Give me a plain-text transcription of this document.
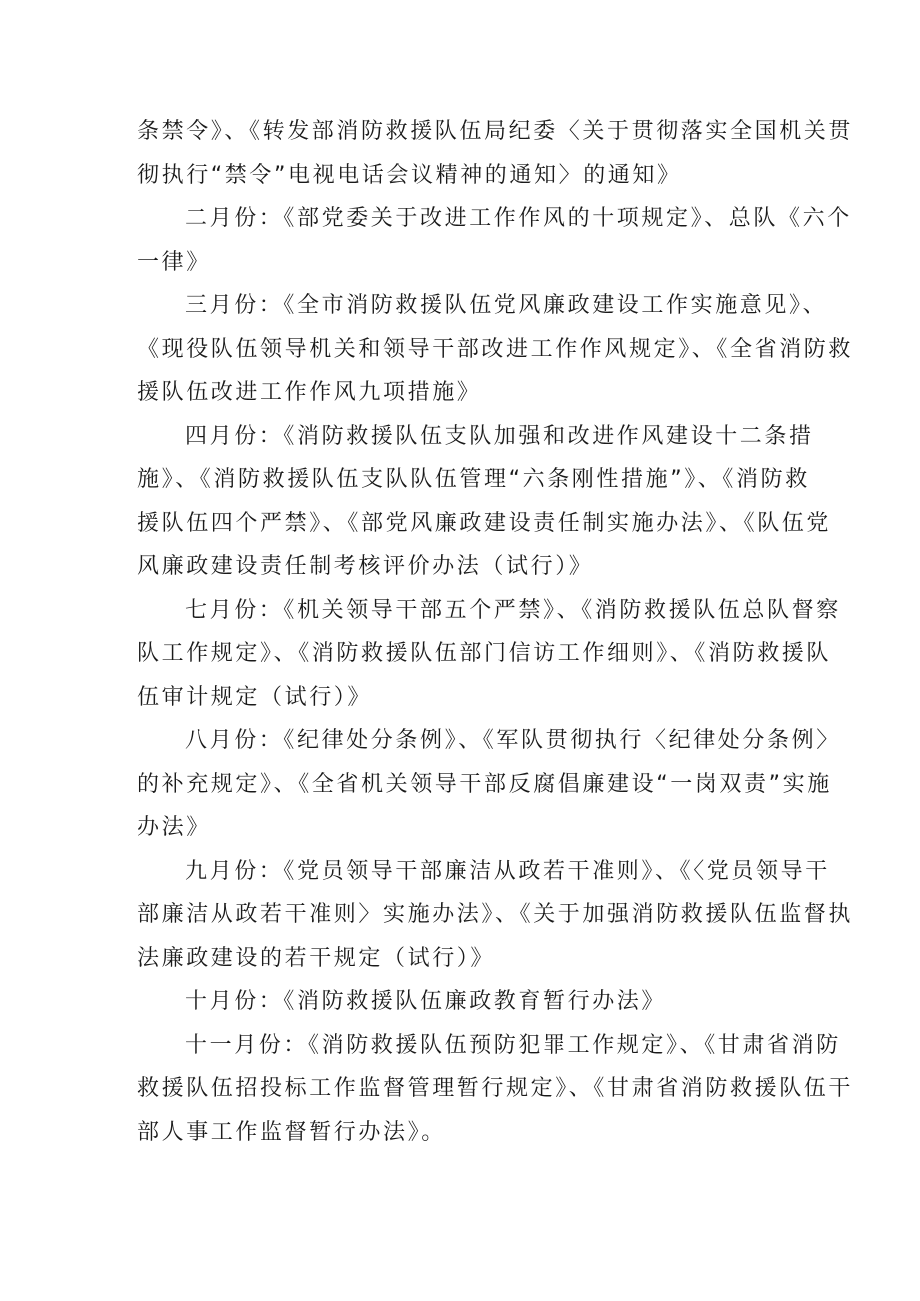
条禁令》、《转发部消防救援队伍局纪委〈关于贯彻落实全国机关贯
彻执行“禁令”电视电话会议精神的通知〉的通知》

二月份：《部党委关于改进工作作风的十项规定》、总队《六个
一律》

三月份：《全市消防救援队伍党风廉政建设工作实施意见》、
《现役队伍领导机关和领导干部改进工作作风规定》、《全省消防救
援队伍改进工作作风九项措施》

四月份：《消防救援队伍支队加强和改进作风建设十二条措
施》、《消防救援队伍支队队伍管理“六条刚性措施”》、《消防救
援队伍四个严禁》、《部党风廉政建设责任制实施办法》、《队伍党
风廉政建设责任制考核评价办法（试行）》

七月份：《机关领导干部五个严禁》、《消防救援队伍总队督察
队工作规定》、《消防救援队伍部门信访工作细则》、《消防救援队
伍审计规定（试行）》

八月份：《纪律处分条例》、《军队贯彻执行〈纪律处分条例〉
的补充规定》、《全省机关领导干部反腐倡廉建设“一岗双责”实施
办法》

九月份：《党员领导干部廉洁从政若干准则》、《〈党员领导干
部廉洁从政若干准则〉实施办法》、《关于加强消防救援队伍监督执
法廉政建设的若干规定（试行）》

十月份：《消防救援队伍廉政教育暂行办法》

十一月份：《消防救援队伍预防犯罪工作规定》、《甘肃省消防
救援队伍招投标工作监督管理暂行规定》、《甘肃省消防救援队伍干
部人事工作监督暂行办法》。
